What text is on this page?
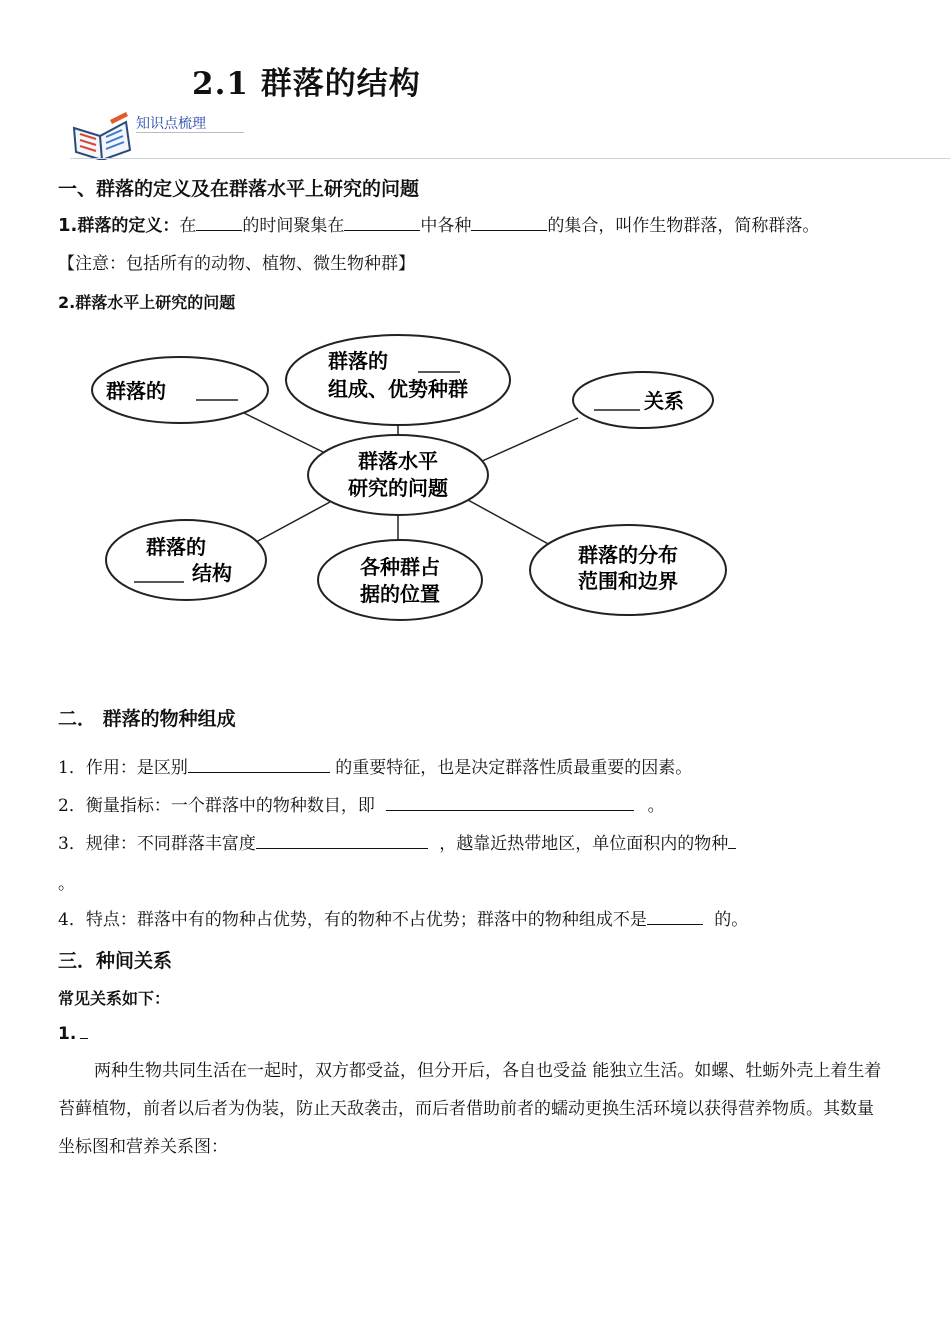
2.1 群落的结构
知识点梳理
一、群落的定义及在群落水平上研究的问题
1.群落的定义：在	的时间聚集在	中各种	的集合，叫作生物群落，简称群落。
【注意：包括所有的动物、植物、微生物种群】
2.群落水平上研究的问题
群落水平
研究的问题
群落的
群落的
组成、优势种群	关系
群落的
结构	各种群占
据的位置
群落的分布
范围和边界
二． 群落的物种组成
1．作用：是区别	的重要特征，也是决定群落性质最重要的因素。
2．衡量指标：一个群落中的物种数目，即	。
3．规律：不同群落丰富度	，越靠近热带地区，单位面积内的物种
。
4．特点：群落中有的物种占优势，有的物种不占优势；群落中的物种组成不是	的。
三．种间关系
常见关系如下：
1.
两种生物共同生活在一起时，双方都受益，但分开后，各自也受益 能独立生活。如螺、牡蛎外壳上着生着苔藓植物，前者以后者为伪装，防止天敌袭击，而后者借助前者的蠕动更换生活环境以获得营养物质。其数量坐标图和营养关系图：
